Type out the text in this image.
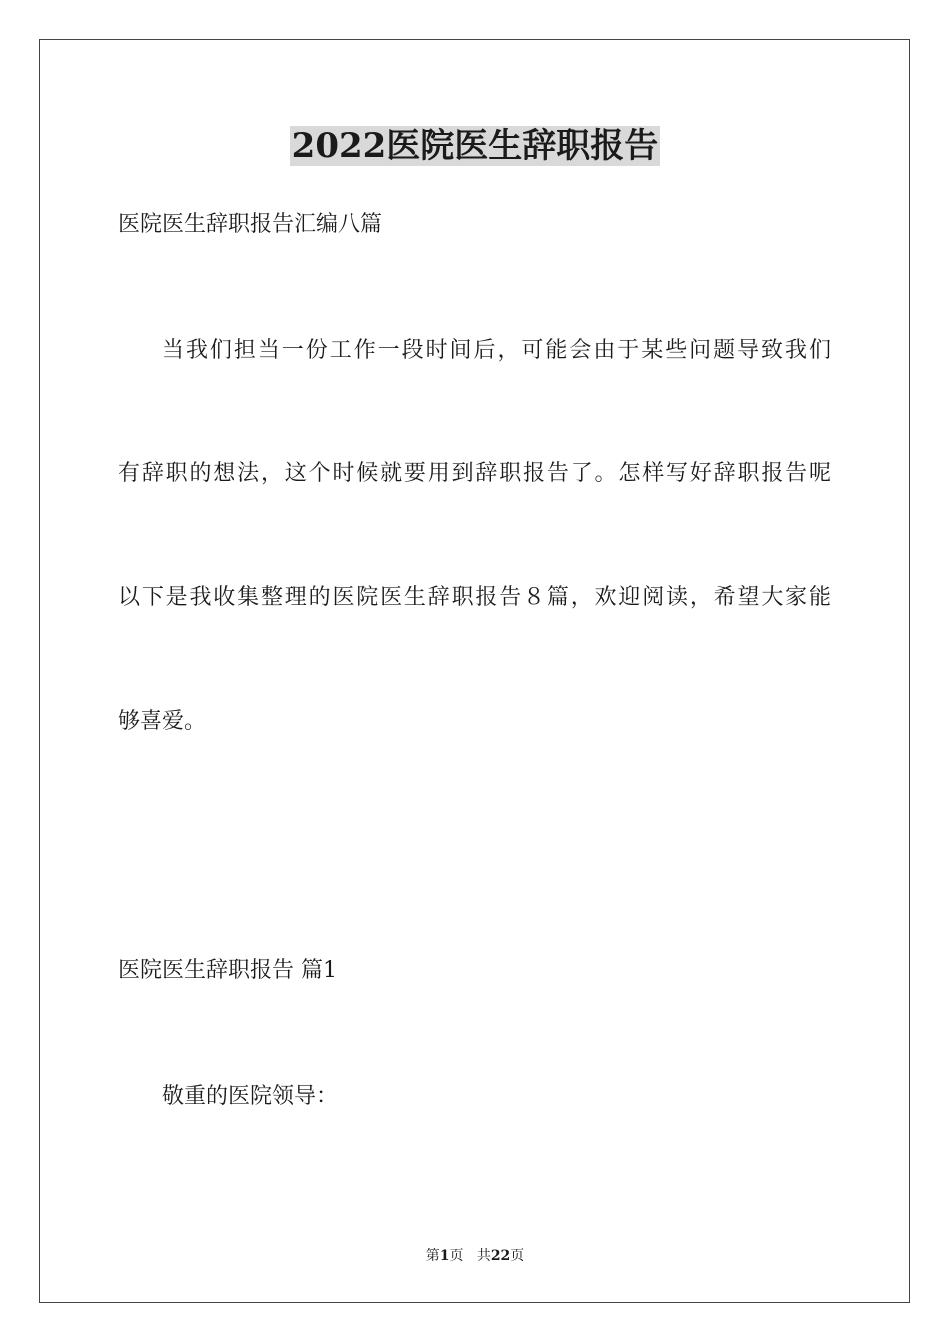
2022医院医生辞职报告
医院医生辞职报告汇编八篇
当我们担当一份工作一段时间后，可能会由于某些问题导致我们
有辞职的想法，这个时候就要用到辞职报告了。怎样写好辞职报告呢
以下是我收集整理的医院医生辞职报告８篇，欢迎阅读，希望大家能
够喜爱。
医院医生辞职报告 篇1
敬重的医院领导：
第1页 共22页
